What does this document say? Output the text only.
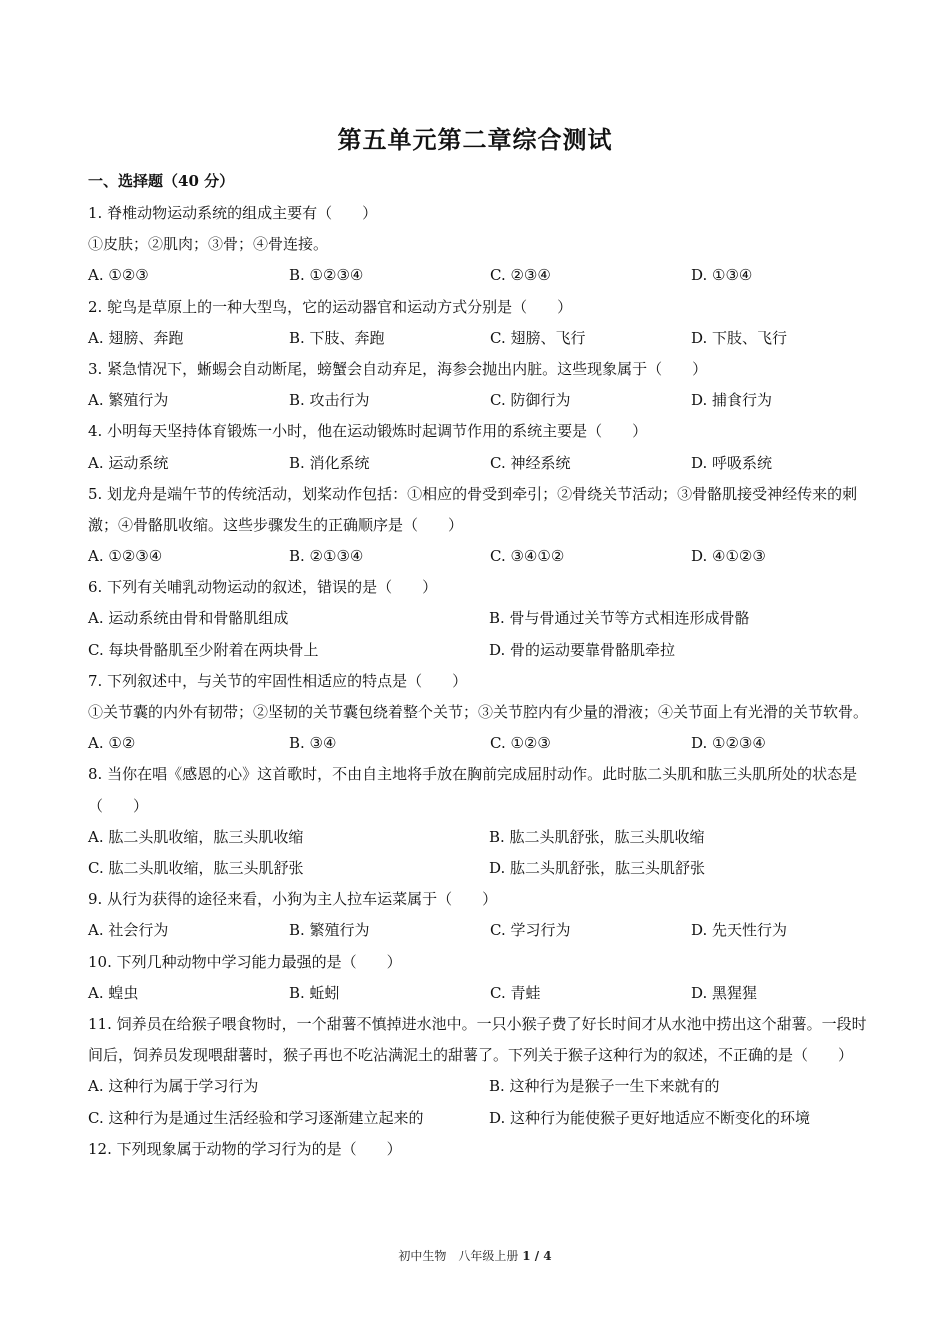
第五单元第二章综合测试
一、选择题（40 分）
1. 脊椎动物运动系统的组成主要有（　　）
①皮肤；②肌肉；③骨；④骨连接。
A. ①②③	B. ①②③④	C. ②③④	D. ①③④
2. 鸵鸟是草原上的一种大型鸟，它的运动器官和运动方式分别是（　　）
A. 翅膀、奔跑	B. 下肢、奔跑	C. 翅膀、飞行	D. 下肢、飞行
3. 紧急情况下，蜥蜴会自动断尾，螃蟹会自动弃足，海参会抛出内脏。这些现象属于（　　）
A. 繁殖行为	B. 攻击行为	C. 防御行为	D. 捕食行为
4. 小明每天坚持体育锻炼一小时，他在运动锻炼时起调节作用的系统主要是（　　）
A. 运动系统	B. 消化系统	C. 神经系统	D. 呼吸系统
5. 划龙舟是端午节的传统活动，划桨动作包括：①相应的骨受到牵引；②骨绕关节活动；③骨骼肌接受神经传来的刺激；④骨骼肌收缩。这些步骤发生的正确顺序是（　　）
A. ①②③④	B. ②①③④	C. ③④①②	D. ④①②③
6. 下列有关哺乳动物运动的叙述，错误的是（　　）
A. 运动系统由骨和骨骼肌组成	B. 骨与骨通过关节等方式相连形成骨骼
C. 每块骨骼肌至少附着在两块骨上	D. 骨的运动要靠骨骼肌牵拉
7. 下列叙述中，与关节的牢固性相适应的特点是（　　）
①关节囊的内外有韧带；②坚韧的关节囊包绕着整个关节；③关节腔内有少量的滑液；④关节面上有光滑的关节软骨。
A. ①②	B. ③④	C. ①②③	D. ①②③④
8. 当你在唱《感恩的心》这首歌时，不由自主地将手放在胸前完成屈肘动作。此时肱二头肌和肱三头肌所处的状态是（　　）
A. 肱二头肌收缩，肱三头肌收缩	B. 肱二头肌舒张，肱三头肌收缩
C. 肱二头肌收缩，肱三头肌舒张	D. 肱二头肌舒张，肱三头肌舒张
9. 从行为获得的途径来看，小狗为主人拉车运菜属于（　　）
A. 社会行为	B. 繁殖行为	C. 学习行为	D. 先天性行为
10. 下列几种动物中学习能力最强的是（　　）
A. 蝗虫	B. 蚯蚓	C. 青蛙	D. 黑猩猩
11. 饲养员在给猴子喂食物时，一个甜薯不慎掉进水池中。一只小猴子费了好长时间才从水池中捞出这个甜薯。一段时间后，饲养员发现喂甜薯时，猴子再也不吃沾满泥土的甜薯了。下列关于猴子这种行为的叙述，不正确的是（　　）
A. 这种行为属于学习行为	B. 这种行为是猴子一生下来就有的
C. 这种行为是通过生活经验和学习逐渐建立起来的	D. 这种行为能使猴子更好地适应不断变化的环境
12. 下列现象属于动物的学习行为的是（　　）
初中生物　八年级上册 1 / 4
